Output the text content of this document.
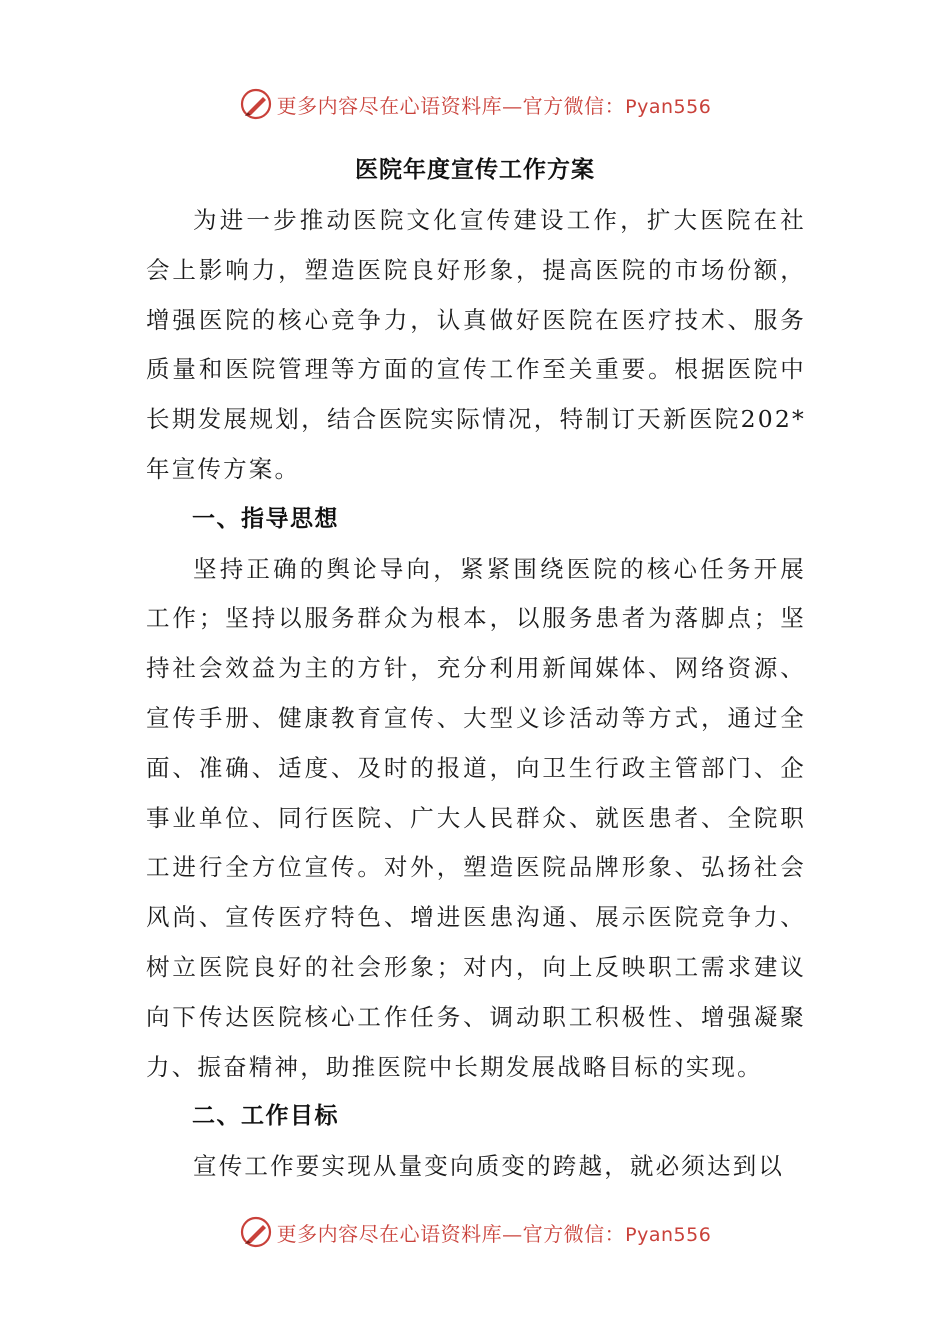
更多内容尽在心语资料库—官方微信：Pyan556
医院年度宣传工作方案

为进一步推动医院文化宣传建设工作，扩大医院在社会上影响力，塑造医院良好形象，提高医院的市场份额，增强医院的核心竞争力，认真做好医院在医疗技术、服务质量和医院管理等方面的宣传工作至关重要。根据医院中长期发展规划，结合医院实际情况，特制订天新医院202*年宣传方案。

一、指导思想

坚持正确的舆论导向，紧紧围绕医院的核心任务开展工作；坚持以服务群众为根本，以服务患者为落脚点；坚持社会效益为主的方针，充分利用新闻媒体、网络资源、宣传手册、健康教育宣传、大型义诊活动等方式，通过全面、准确、适度、及时的报道，向卫生行政主管部门、企事业单位、同行医院、广大人民群众、就医患者、全院职工进行全方位宣传。对外，塑造医院品牌形象、弘扬社会风尚、宣传医疗特色、增进医患沟通、展示医院竞争力、树立医院良好的社会形象；对内，向上反映职工需求建议向下传达医院核心工作任务、调动职工积极性、增强凝聚力、振奋精神，助推医院中长期发展战略目标的实现。

二、工作目标

宣传工作要实现从量变向质变的跨越，就必须达到以

更多内容尽在心语资料库—官方微信：Pyan556
